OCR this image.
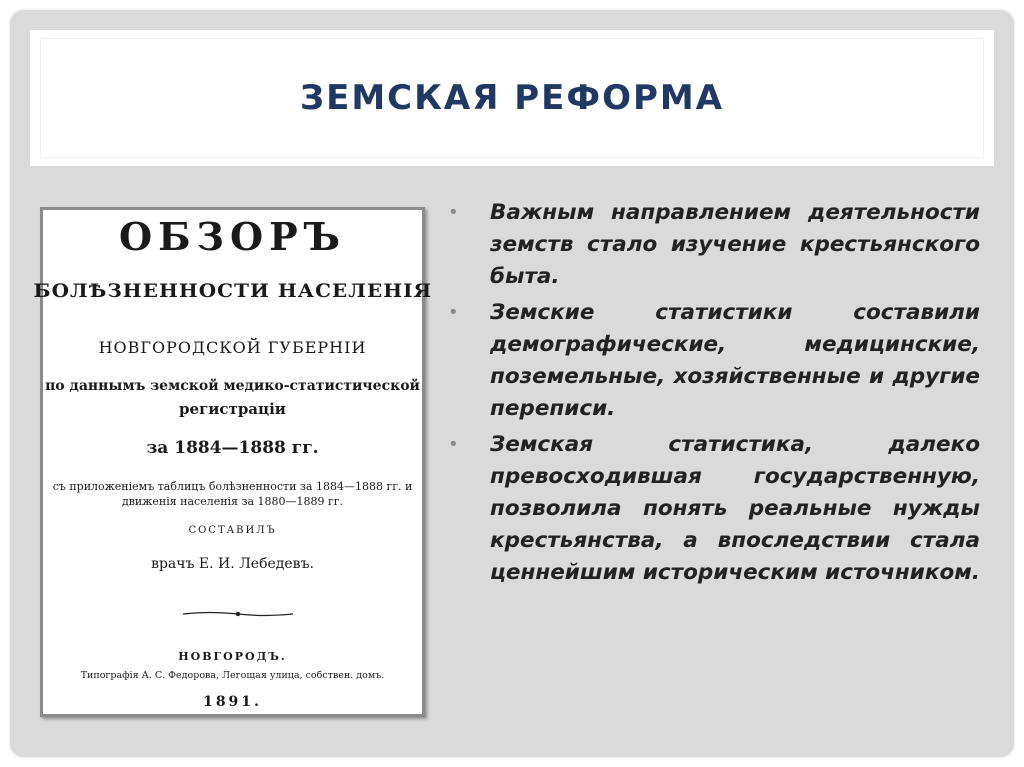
ЗЕМСКАЯ РЕФОРМА
ОБЗОРЪ
БОЛѢЗНЕННОСТИ НАСЕЛЕНІЯ
НОВГОРОДСКОЙ ГУБЕРНІИ
по даннымъ земской медико-статистической
регистраціи
за 1884—1888 гг.
съ приложеніемъ таблицъ болѣзненности за 1884—1888 гг. и
движенія населенія за 1880—1889 гг.
СОСТАВИЛЪ
врачъ Е. И. Лебедевъ.
НОВГОРОДЪ.
Типографія А. С. Федорова, Легощая улица, собствен. домъ.
1891.
• Важным направлением деятельности земств стало изучение крестьянского быта.
• Земские статистики составили демографические, медицинские, поземельные, хозяйственные и другие переписи.
• Земская статистика, далеко превосходившая государственную, позволила понять реальные нужды крестьянства, а впоследствии стала ценнейшим историческим источником.
